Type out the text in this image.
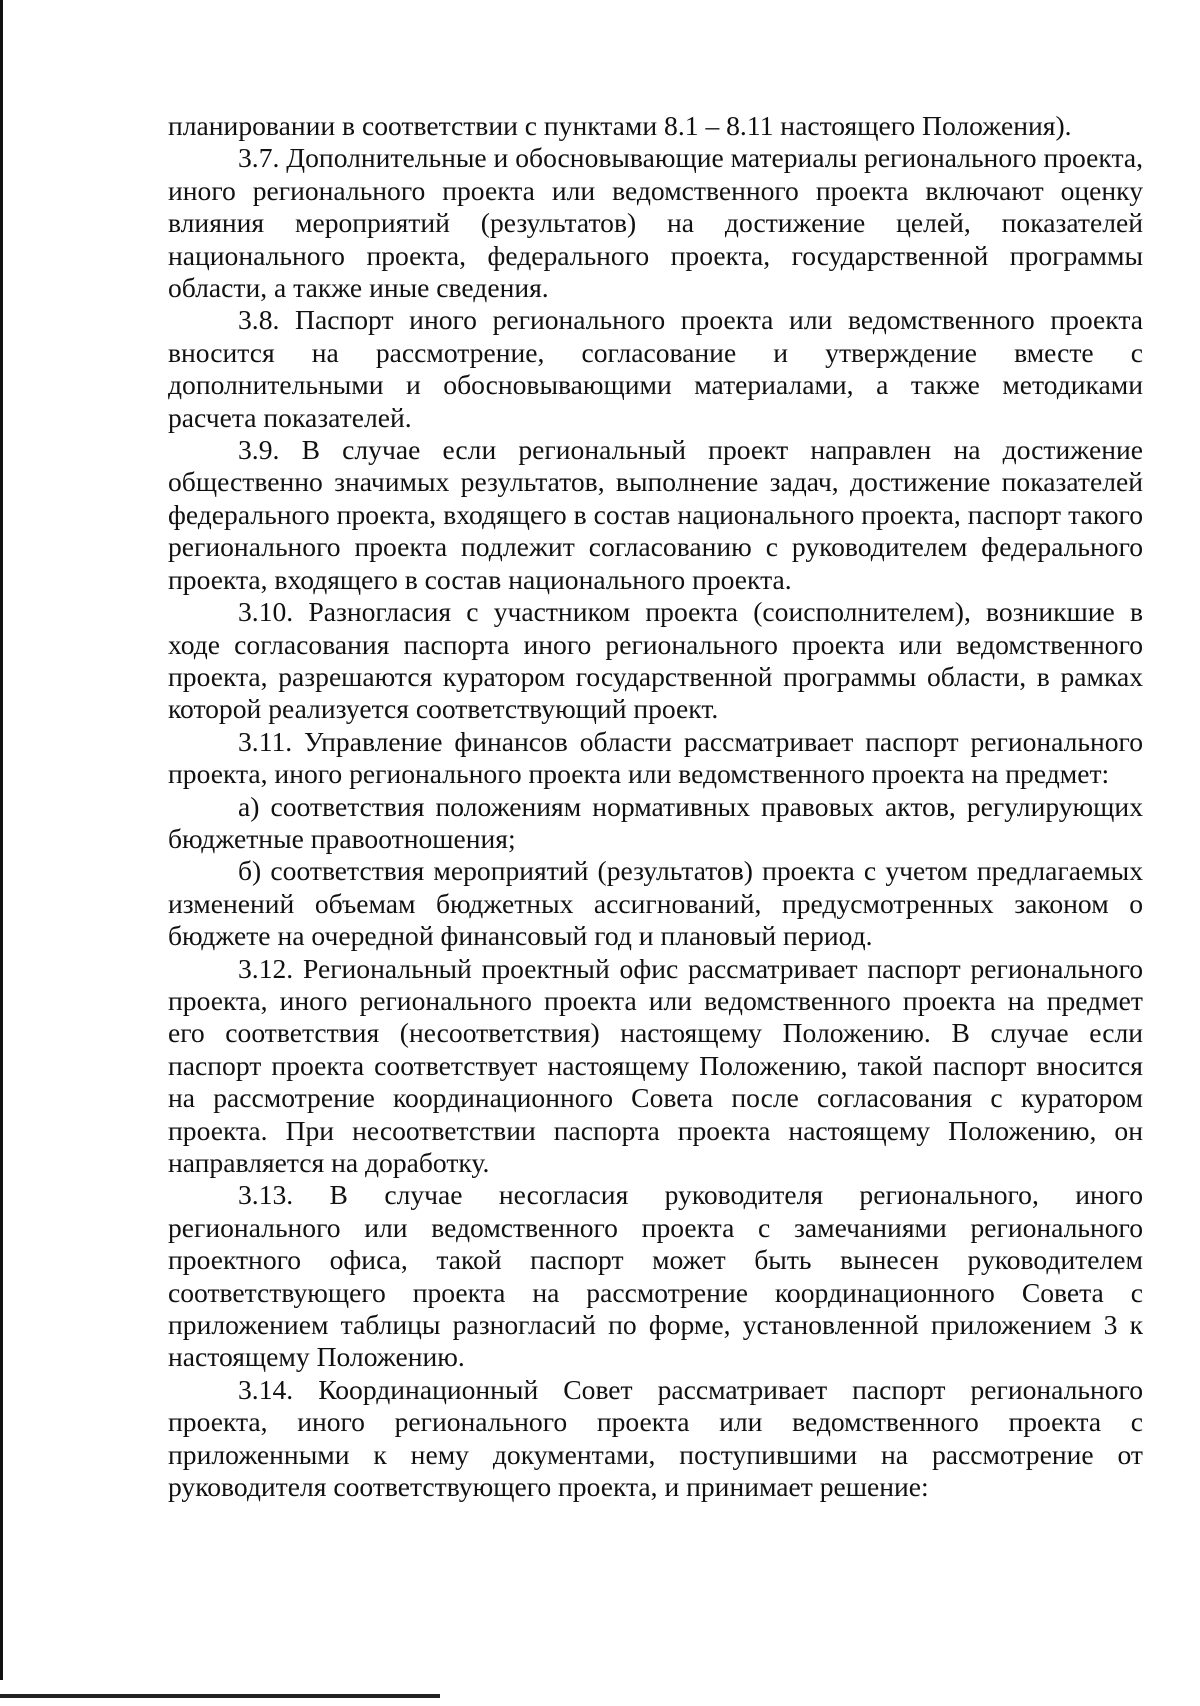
планировании в соответствии с пунктами 8.1 – 8.11 настоящего Положения).

3.7. Дополнительные и обосновывающие материалы регионального проекта, иного регионального проекта или ведомственного проекта включают оценку влияния мероприятий (результатов) на достижение целей, показателей национального проекта, федерального проекта, государственной программы области, а также иные сведения.

3.8. Паспорт иного регионального проекта или ведомственного проекта вносится на рассмотрение, согласование и утверждение вместе с дополнительными и обосновывающими материалами, а также методиками расчета показателей.

3.9. В случае если региональный проект направлен на достижение общественно значимых результатов, выполнение задач, достижение показателей федерального проекта, входящего в состав национального проекта, паспорт такого регионального проекта подлежит согласованию с руководителем федерального проекта, входящего в состав национального проекта.

3.10. Разногласия с участником проекта (соисполнителем), возникшие в ходе согласования паспорта иного регионального проекта или ведомственного проекта, разрешаются куратором государственной программы области, в рамках которой реализуется соответствующий проект.

3.11. Управление финансов области рассматривает паспорт регионального проекта, иного регионального проекта или ведомственного проекта на предмет:

а) соответствия положениям нормативных правовых актов, регулирующих бюджетные правоотношения;

б) соответствия мероприятий (результатов) проекта с учетом предлагаемых изменений объемам бюджетных ассигнований, предусмотренных законом о бюджете на очередной финансовый год и плановый период.

3.12. Региональный проектный офис рассматривает паспорт регионального проекта, иного регионального проекта или ведомственного проекта на предмет его соответствия (несоответствия) настоящему Положению. В случае если паспорт проекта соответствует настоящему Положению, такой паспорт вносится на рассмотрение координационного Совета после согласования с куратором проекта. При несоответствии паспорта проекта настоящему Положению, он направляется на доработку.

3.13. В случае несогласия руководителя регионального, иного регионального или ведомственного проекта с замечаниями регионального проектного офиса, такой паспорт может быть вынесен руководителем соответствующего проекта на рассмотрение координационного Совета с приложением таблицы разногласий по форме, установленной приложением 3 к настоящему Положению.

3.14. Координационный Совет рассматривает паспорт регионального проекта, иного регионального проекта или ведомственного проекта с приложенными к нему документами, поступившими на рассмотрение от руководителя соответствующего проекта, и принимает решение:
